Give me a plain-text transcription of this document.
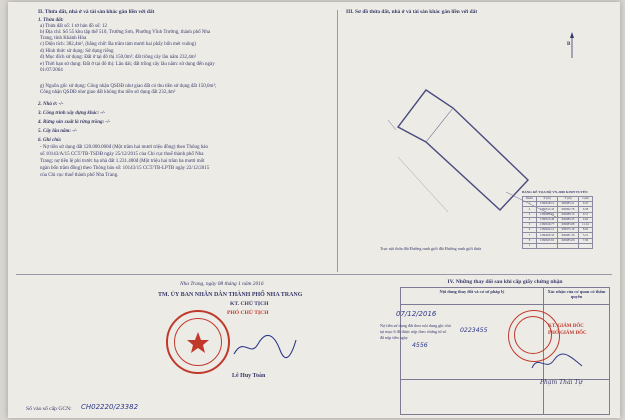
II. Thửa đất, nhà ở và tài sản khác gắn liền với đất
1. Thửa đất:
a) Thửa đất số: 1 tờ bản đồ số: 12
b) Địa chỉ: Số 55 khu tập thể 510, Trường Sơn, Phường Vĩnh Trường, thành phố Nha
Trang, tỉnh Khánh Hòa
c) Diện tích: 382,4m², (bằng chữ: Ba trăm tám mươi hai phẩy bốn mét vuông)
d) Hình thức sử dụng: Sử dụng riêng
đ) Mục đích sử dụng: Đất ở tại đô thị 150,0m²; đất trồng cây lâu năm 232,4m²
e) Thời hạn sử dụng: Đất ở tại đô thị: Lâu dài; đất trồng cây lâu năm: sử dụng đến ngày
01/07/2064
g) Nguồn gốc sử dụng: Công nhận QSDĐ như giao đất có thu tiền sử dụng đất 150,0m²;
Công nhận QSDĐ như giao đất không thu tiền sử dụng đất 232,4m²
2. Nhà ở: -/-
3. Công trình xây dựng khác: -/-
4. Rừng sản xuất là rừng trồng: -/-
5. Cây lâu năm: -/-
6. Ghi chú:
- Nợ tiền sử dụng đất 120.000.000đ (Một trăm hai mươi triệu đồng) theo Thông báo
số 10143/A/15 CCT/TB-TSDĐ ngày 25/12/2015 của Chi cục thuế thành phố Nha
Trang; nợ tiền lệ phí trước bạ nhà đất 1.231.400đ (Một triệu hai trăm ba mươi mốt
ngàn bốn trăm đồng) theo Thông báo số: 10143/15 CCT/TB-LPTB ngày 22/12/2015
của Chi cục thuế thành phố Nha Trang.
III. Sơ đồ thửa đất, nhà ở và tài sản khác gắn liền với đất
B
Trục nội thửa đất Đường ranh giới đất Đường ranh giới thửa
BẢNG KÊ TỌA ĐỘ VN-2000 KINH TUYẾN
Điểm	X (m)	Y (m)	Cạnh
1	1360618.12	600985.21	9.47
2	1360612.43	600992.78	6.58
3	1360607.81	600988.10	9.51
4	1360613.46	600980.45	4.62
5	1360616.77	600983.68	11.24
6	1360624.12	600975.19	8.02
7	1360629.33	600981.30	5.15
8	1360625.81	600985.06	7.30
1			
Nha Trang, ngày 08 tháng 1 năm 2016
TM. ỦY BAN NHÂN DÂN THÀNH PHỐ NHA TRANG
KT. CHỦ TỊCH
PHÓ CHỦ TỊCH
Lê Huy Toàn
IV. Những thay đổi sau khi cấp giấy chứng nhận
Nội dung thay đổi và cơ sở pháp lý	Xác nhận của cơ quan có thẩm quyền

07/12/2016
Nợ tiền sử dụng đất theo nội dung ghi chú
tại mục 6 đã được nộp theo chứng từ số 0223455
đã nộp tiền ngày
4556
KT. GIÁM ĐỐC
PHÓ GIÁM ĐỐC
Phạm Thái Tự
Số vào sổ cấp GCN: CH02220/23382
